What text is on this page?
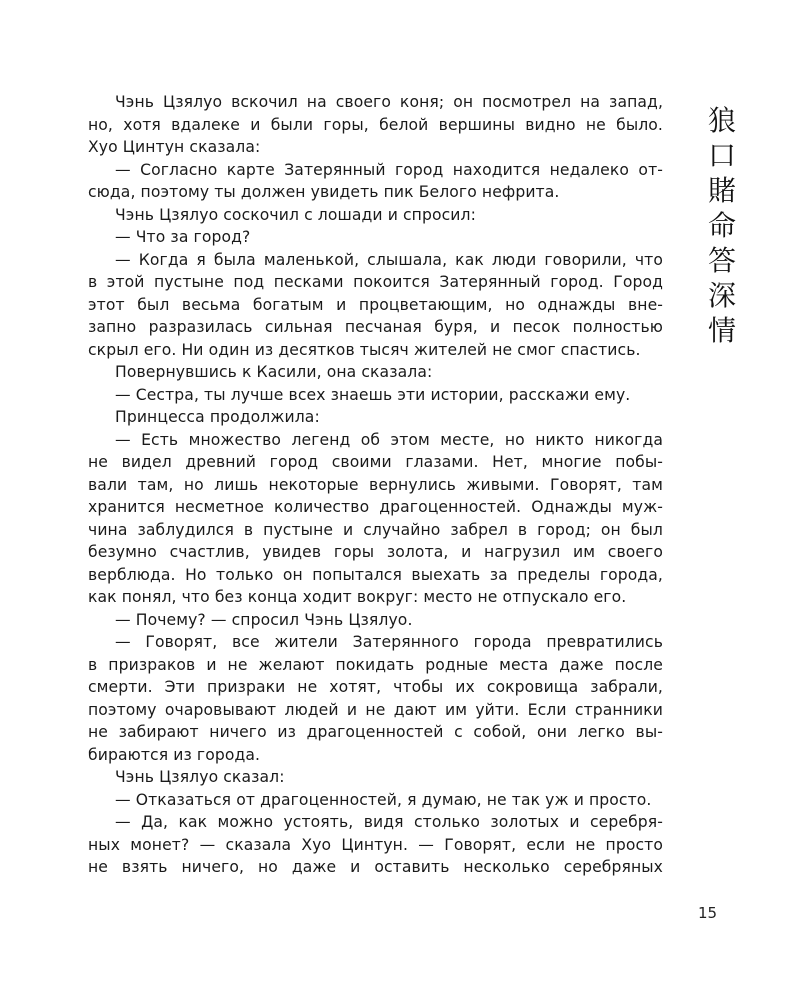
Чэнь Цзялуо вскочил на своего коня; он посмотрел на запад,
но, хотя вдалеке и были горы, белой вершины видно не было.
Хуо Цинтун сказала:
— Согласно карте Затерянный город находится недалеко от-
сюда, поэтому ты должен увидеть пик Белого нефрита.
Чэнь Цзялуо соскочил с лошади и спросил:
— Что за город?
— Когда я была маленькой, слышала, как люди говорили, что
в этой пустыне под песками покоится Затерянный город. Город
этот был весьма богатым и процветающим, но однажды вне-
запно разразилась сильная песчаная буря, и песок полностью
скрыл его. Ни один из десятков тысяч жителей не смог спастись.
Повернувшись к Касили, она сказала:
— Сестра, ты лучше всех знаешь эти истории, расскажи ему.
Принцесса продолжила:
— Есть множество легенд об этом месте, но никто никогда
не видел древний город своими глазами. Нет, многие побы-
вали там, но лишь некоторые вернулись живыми. Говорят, там
хранится несметное количество драгоценностей. Однажды муж-
чина заблудился в пустыне и случайно забрел в город; он был
безумно счастлив, увидев горы золота, и нагрузил им своего
верблюда. Но только он попытался выехать за пределы города,
как понял, что без конца ходит вокруг: место не отпускало его.
— Почему? — спросил Чэнь Цзялуо.
— Говорят, все жители Затерянного города превратились
в призраков и не желают покидать родные места даже после
смерти. Эти призраки не хотят, чтобы их сокровища забрали,
поэтому очаровывают людей и не дают им уйти. Если странники
не забирают ничего из драгоценностей с собой, они легко вы-
бираются из города.
Чэнь Цзялуо сказал:
— Отказаться от драгоценностей, я думаю, не так уж и просто.
— Да, как можно устоять, видя столько золотых и серебря-
ных монет? — сказала Хуо Цинтун. — Говорят, если не просто
не взять ничего, но даже и оставить несколько серебряных
狼
口
賭
命
答
深
情
15
